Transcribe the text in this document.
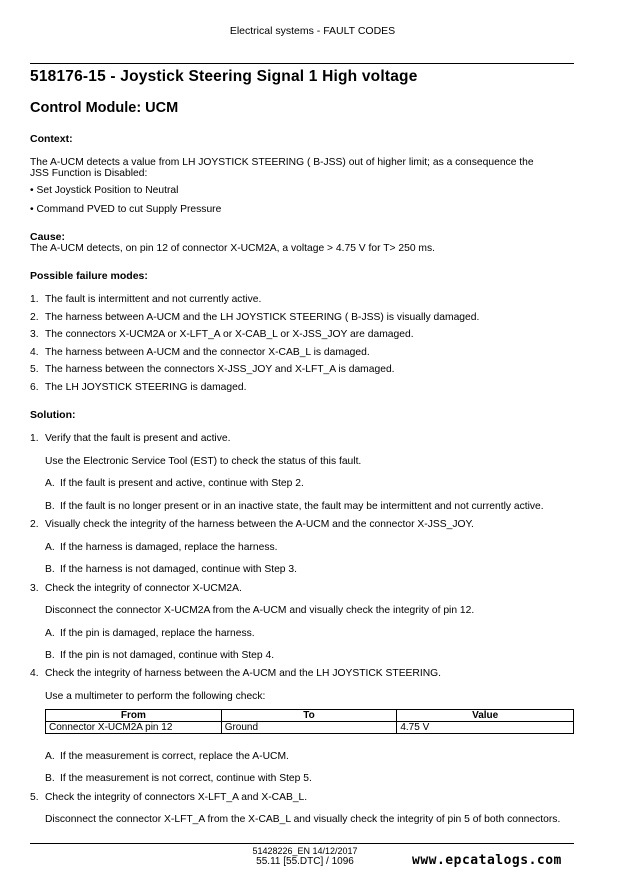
Electrical systems - FAULT CODES
518176-15 - Joystick Steering Signal 1 High voltage
Control Module: UCM
Context:
The A-UCM detects a value from LH JOYSTICK STEERING ( B-JSS) out of higher limit; as a consequence the
JSS Function is Disabled:
• Set Joystick Position to Neutral
• Command PVED to cut Supply Pressure
Cause:
The A-UCM detects, on pin 12 of connector X-UCM2A, a voltage > 4.75 V for T> 250 ms.
Possible failure modes:
1. The fault is intermittent and not currently active.
2. The harness between A-UCM and the LH JOYSTICK STEERING ( B-JSS) is visually damaged.
3. The connectors X-UCM2A or X-LFT_A or X-CAB_L or X-JSS_JOY are damaged.
4. The harness between A-UCM and the connector X-CAB_L is damaged.
5. The harness between the connectors X-JSS_JOY and X-LFT_A is damaged.
6. The LH JOYSTICK STEERING is damaged.
Solution:
1. Verify that the fault is present and active.
Use the Electronic Service Tool (EST) to check the status of this fault.
A. If the fault is present and active, continue with Step 2.
B. If the fault is no longer present or in an inactive state, the fault may be intermittent and not currently active.
2. Visually check the integrity of the harness between the A-UCM and the connector X-JSS_JOY.
A. If the harness is damaged, replace the harness.
B. If the harness is not damaged, continue with Step 3.
3. Check the integrity of connector X-UCM2A.
Disconnect the connector X-UCM2A from the A-UCM and visually check the integrity of pin 12.
A. If the pin is damaged, replace the harness.
B. If the pin is not damaged, continue with Step 4.
4. Check the integrity of harness between the A-UCM and the LH JOYSTICK STEERING.
Use a multimeter to perform the following check:
From	To	Value
Connector X-UCM2A pin 12	Ground	4.75 V
A. If the measurement is correct, replace the A-UCM.
B. If the measurement is not correct, continue with Step 5.
5. Check the integrity of connectors X-LFT_A and X-CAB_L.
Disconnect the connector X-LFT_A from the X-CAB_L and visually check the integrity of pin 5 of both connectors.
51428226_EN 14/12/2017
55.11 [55.DTC] / 1096	www.epcatalogs.com
